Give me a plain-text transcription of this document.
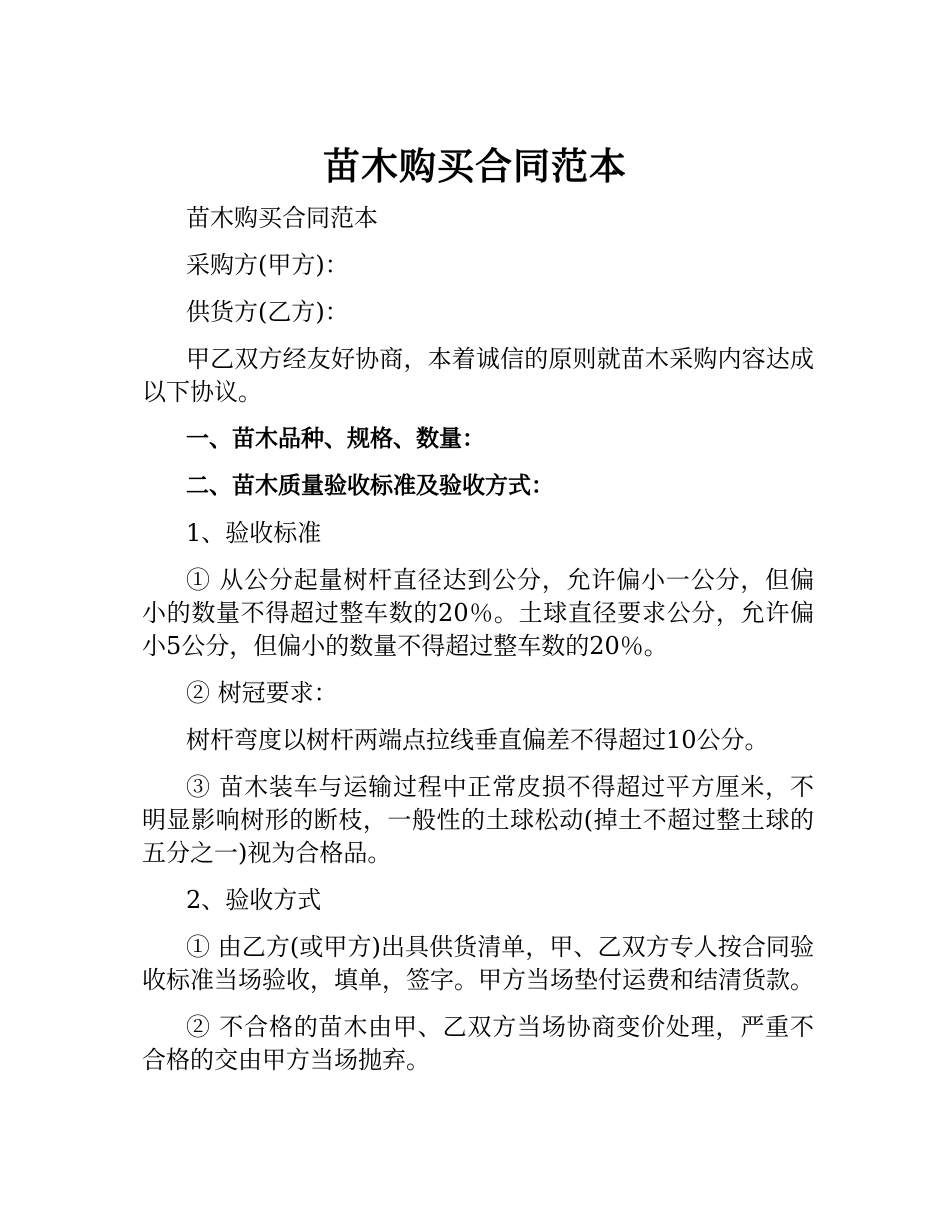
苗木购买合同范本

苗木购买合同范本

采购方(甲方)：

供货方(乙方)：

甲乙双方经友好协商，本着诚信的原则就苗木采购内容达成以下协议。

一、苗木品种、规格、数量：

二、苗木质量验收标准及验收方式：

1、验收标准

① 从公分起量树杆直径达到公分，允许偏小一公分，但偏小的数量不得超过整车数的20％。土球直径要求公分，允许偏小5公分，但偏小的数量不得超过整车数的20％。

② 树冠要求：

树杆弯度以树杆两端点拉线垂直偏差不得超过10公分。

③ 苗木装车与运输过程中正常皮损不得超过平方厘米，不明显影响树形的断枝，一般性的土球松动(掉土不超过整土球的五分之一)视为合格品。

2、验收方式

① 由乙方(或甲方)出具供货清单，甲、乙双方专人按合同验收标准当场验收，填单，签字。甲方当场垫付运费和结清货款。

② 不合格的苗木由甲、乙双方当场协商变价处理，严重不合格的交由甲方当场抛弃。
